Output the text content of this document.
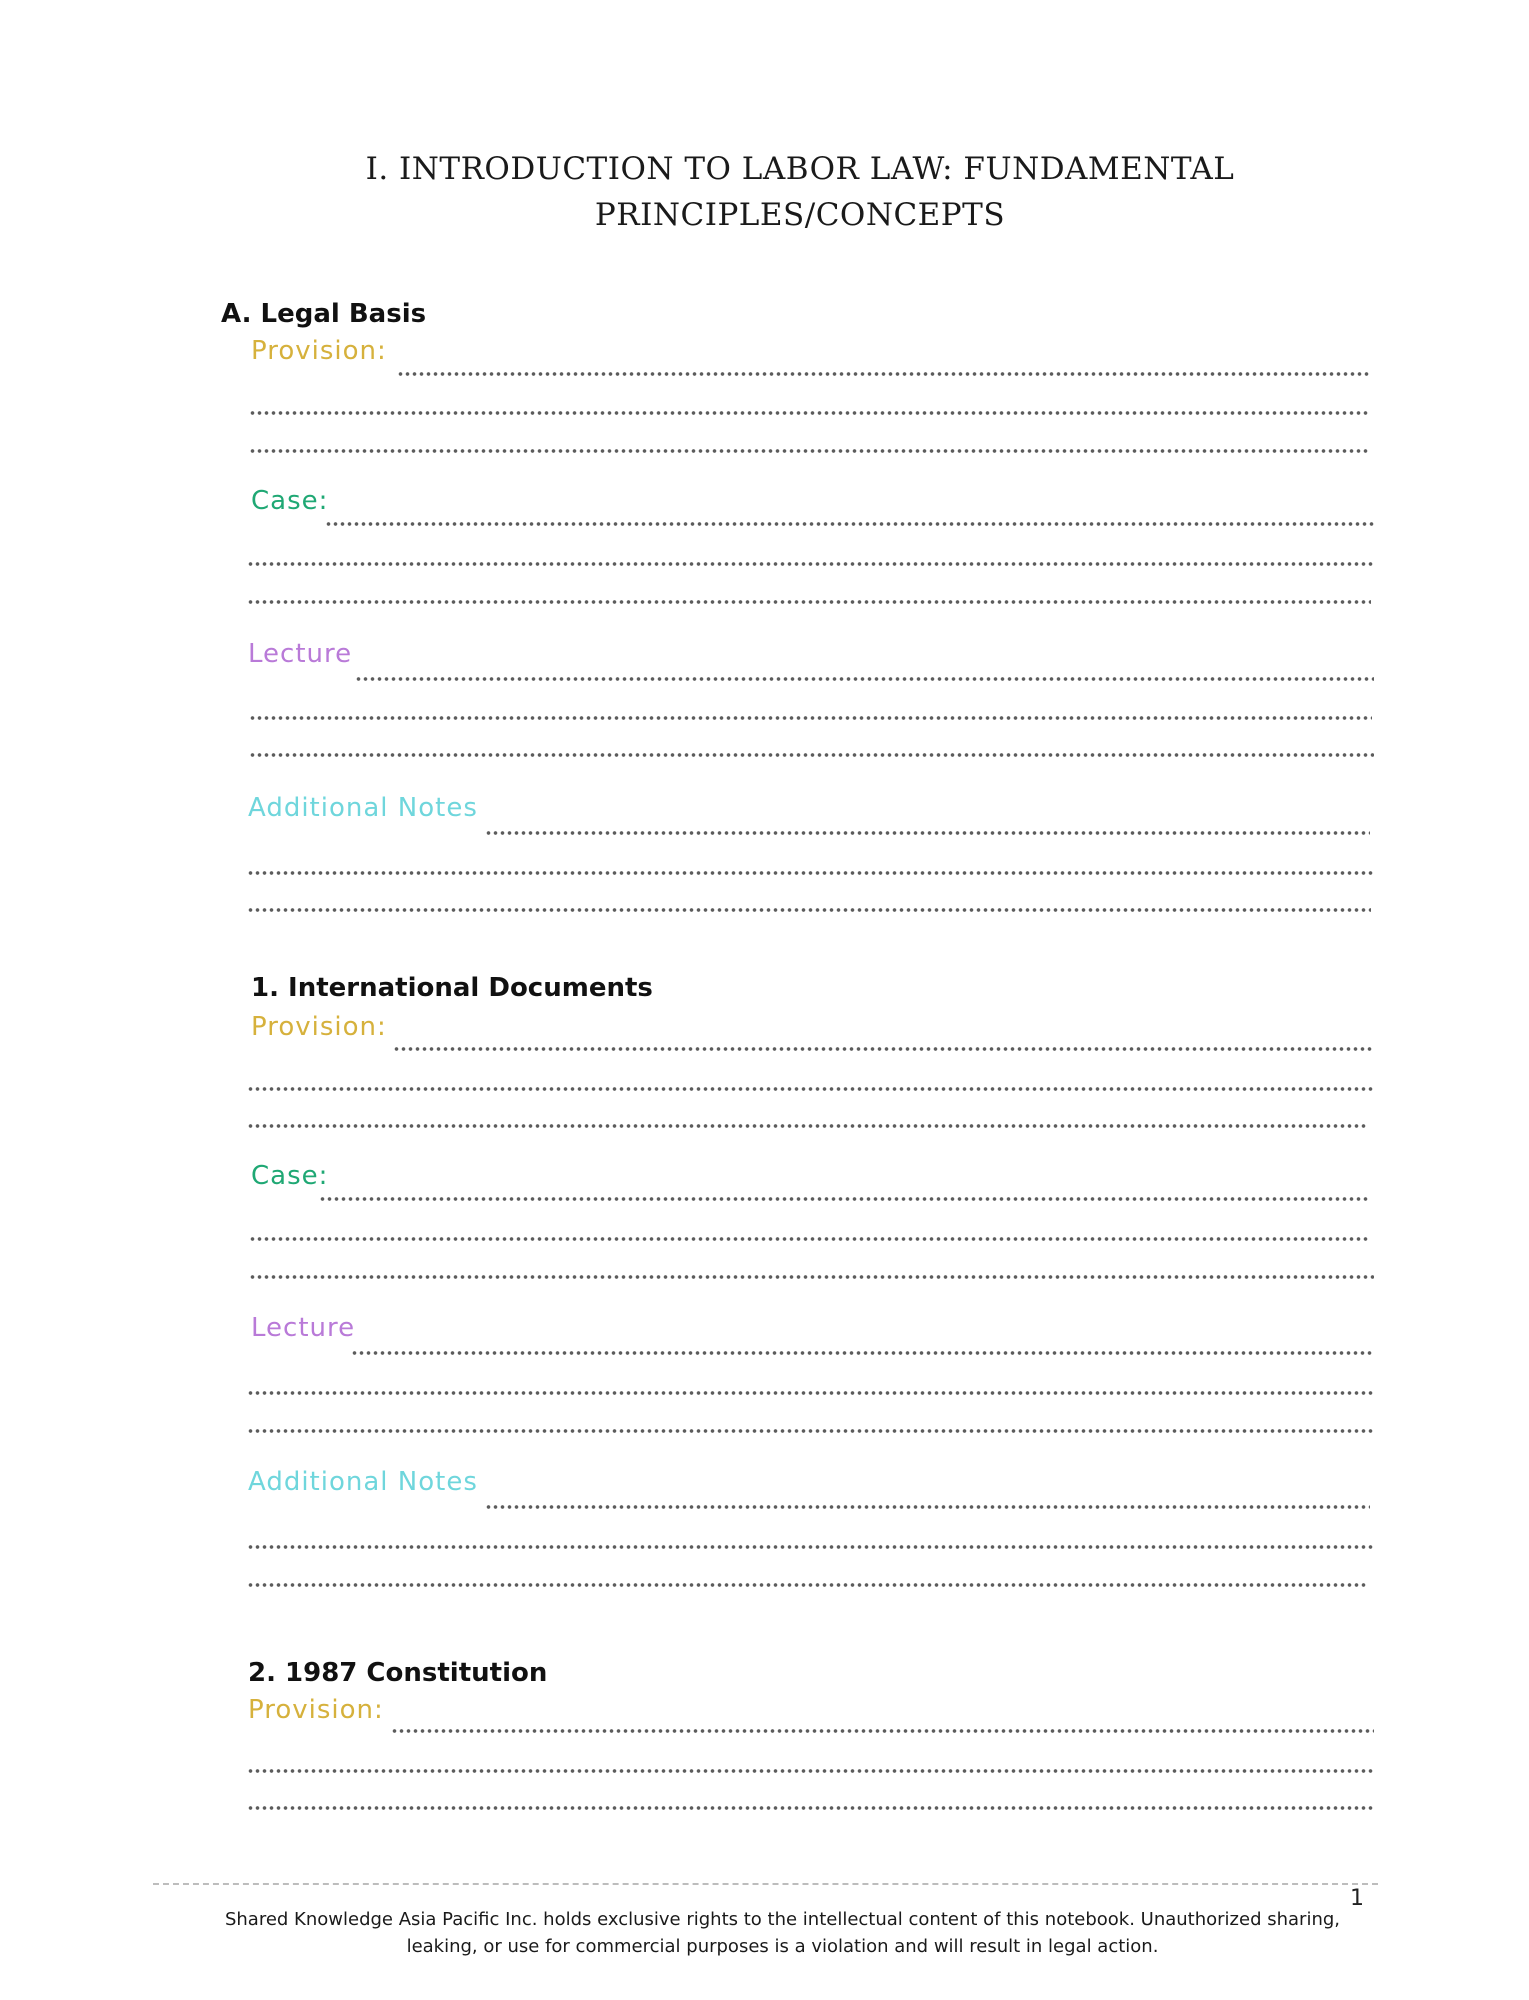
I. INTRODUCTION TO LABOR LAW: FUNDAMENTAL
PRINCIPLES/CONCEPTS
A. Legal Basis
Provision:
Case:
Lecture
Additional Notes
1. International Documents
Provision:
Case:
Lecture
Additional Notes
2. 1987 Constitution
Provision:
1
Shared Knowledge Asia Pacific Inc. holds exclusive rights to the intellectual content of this notebook. Unauthorized sharing,
leaking, or use for commercial purposes is a violation and will result in legal action.
